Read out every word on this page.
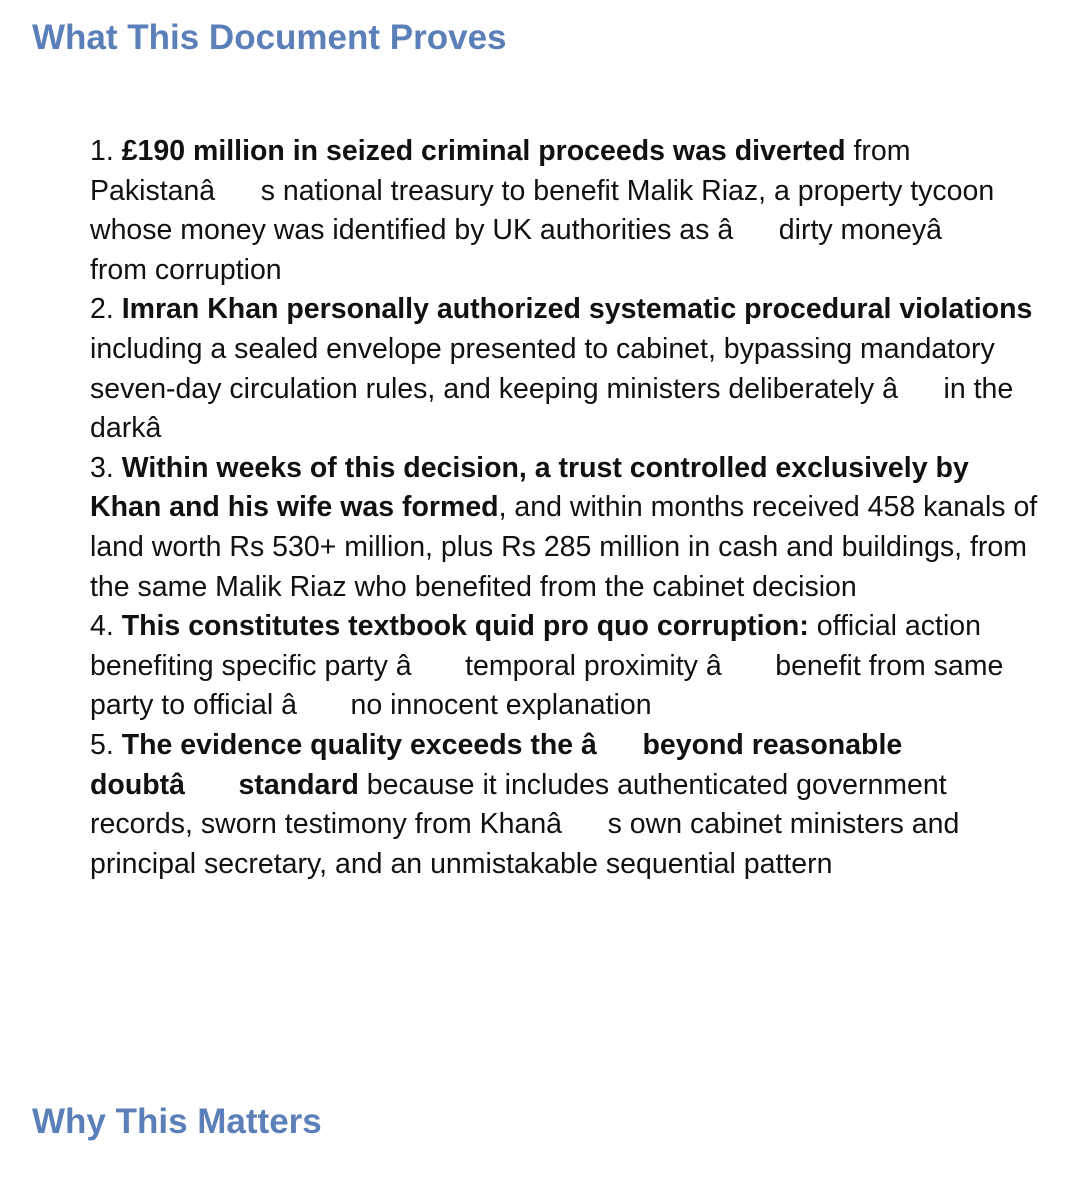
What This Document Proves

1. £190 million in seized criminal proceeds was diverted from Pakistanâs national treasury to benefit Malik Riaz, a property tycoon whose money was identified by UK authorities as âdirty moneyâ from corruption

2. Imran Khan personally authorized systematic procedural violations including a sealed envelope presented to cabinet, bypassing mandatory seven-day circulation rules, and keeping ministers deliberately âin the darkâ

3. Within weeks of this decision, a trust controlled exclusively by Khan and his wife was formed, and within months received 458 kanals of land worth Rs 530+ million, plus Rs 285 million in cash and buildings, from the same Malik Riaz who benefited from the cabinet decision

4. This constitutes textbook quid pro quo corruption: official action benefiting specific party â temporal proximity â benefit from same party to official â no innocent explanation

5. The evidence quality exceeds the âbeyond reasonable doubtâ standard because it includes authenticated government records, sworn testimony from Khanâs own cabinet ministers and principal secretary, and an unmistakable sequential pattern

Why This Matters
